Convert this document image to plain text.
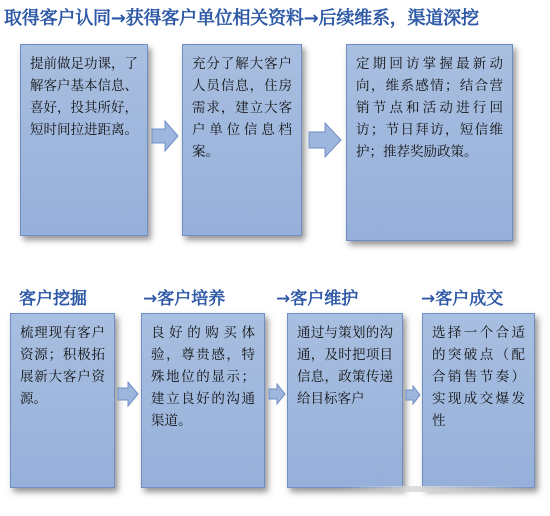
取得客户认同→获得客户单位相关资料→后续维系，渠道深挖
提前做足功课，了解客户基本信息、喜好，投其所好，短时间拉进距离。
充分了解大客户人员信息，住房需求，建立大客户单位信息档案。
定期回访掌握最新动向，维系感情；结合营销节点和活动进行回访；节日拜访，短信维护；推荐奖励政策。
客户挖掘	→客户培养	→客户维护	→客户成交
梳理现有客户资源；积极拓展新大客户资源。
良好的购买体验，尊贵感，特殊地位的显示；建立良好的沟通渠道。
通过与策划的沟通，及时把项目信息，政策传递给目标客户
选择一个合适的突破点（配合销售节奏）实现成交爆发性
